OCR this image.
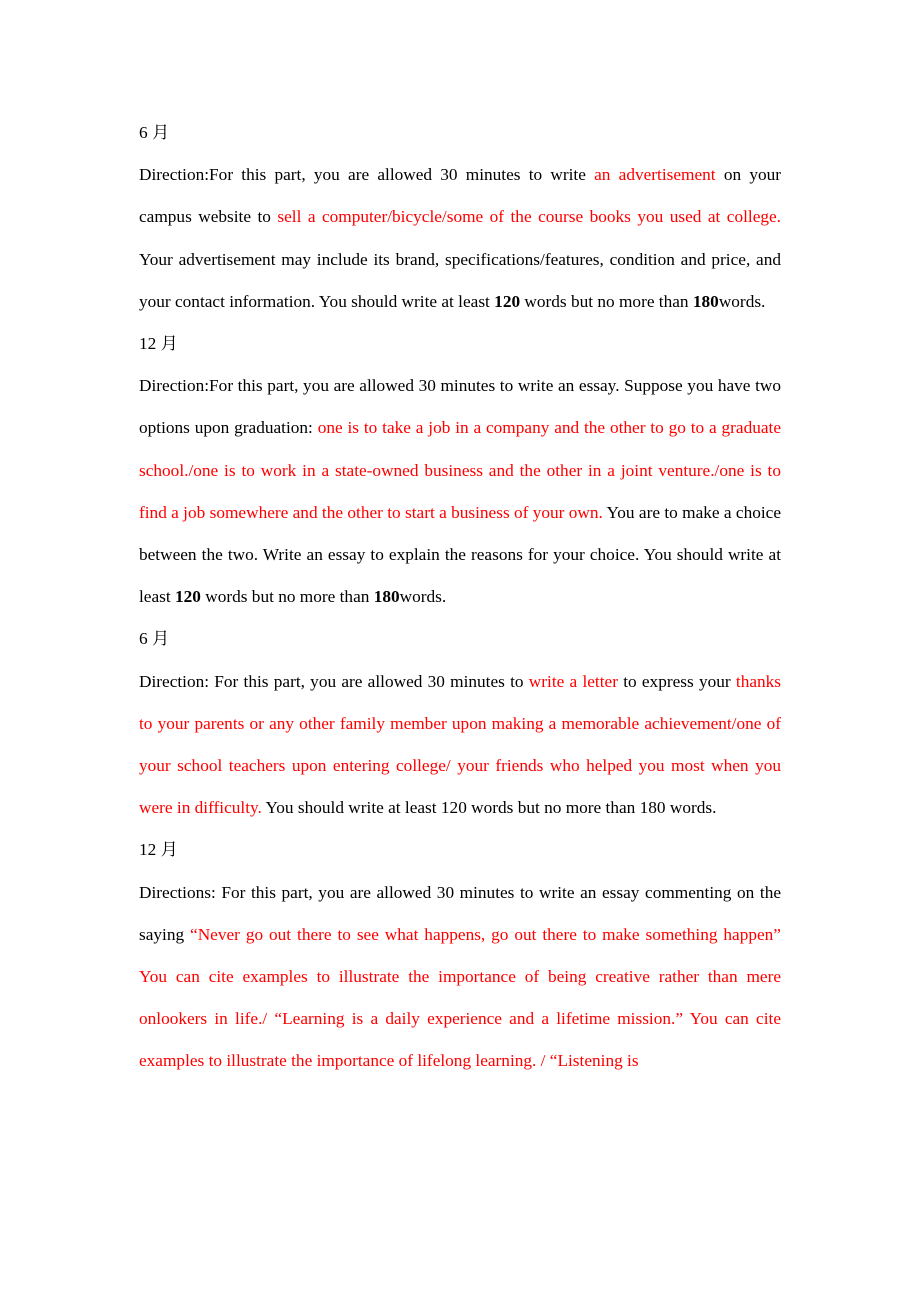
6 月

Direction:For this part, you are allowed 30 minutes to write an advertisement on your campus website to sell a computer/bicycle/some of the course books you used at college. Your advertisement may include its brand, specifications/features, condition and price, and your contact information. You should write at least 120 words but no more than 180words.

12 月

Direction:For this part, you are allowed 30 minutes to write an essay. Suppose you have two options upon graduation: one is to take a job in a company and the other to go to a graduate school./one is to work in a state-owned business and the other in a joint venture./one is to find a job somewhere and the other to start a business of your own. You are to make a choice between the two. Write an essay to explain the reasons for your choice. You should write at least 120 words but no more than 180words.

6 月

Direction: For this part, you are allowed 30 minutes to write a letter to express your thanks to your parents or any other family member upon making a memorable achievement/one of your school teachers upon entering college/ your friends who helped you most when you were in difficulty. You should write at least 120 words but no more than 180 words.

12 月

Directions: For this part, you are allowed 30 minutes to write an essay commenting on the saying “Never go out there to see what happens, go out there to make something happen” You can cite examples to illustrate the importance of being creative rather than mere onlookers in life./ “Learning is a daily experience and a lifetime mission.” You can cite examples to illustrate the importance of lifelong learning. / “Listening is
